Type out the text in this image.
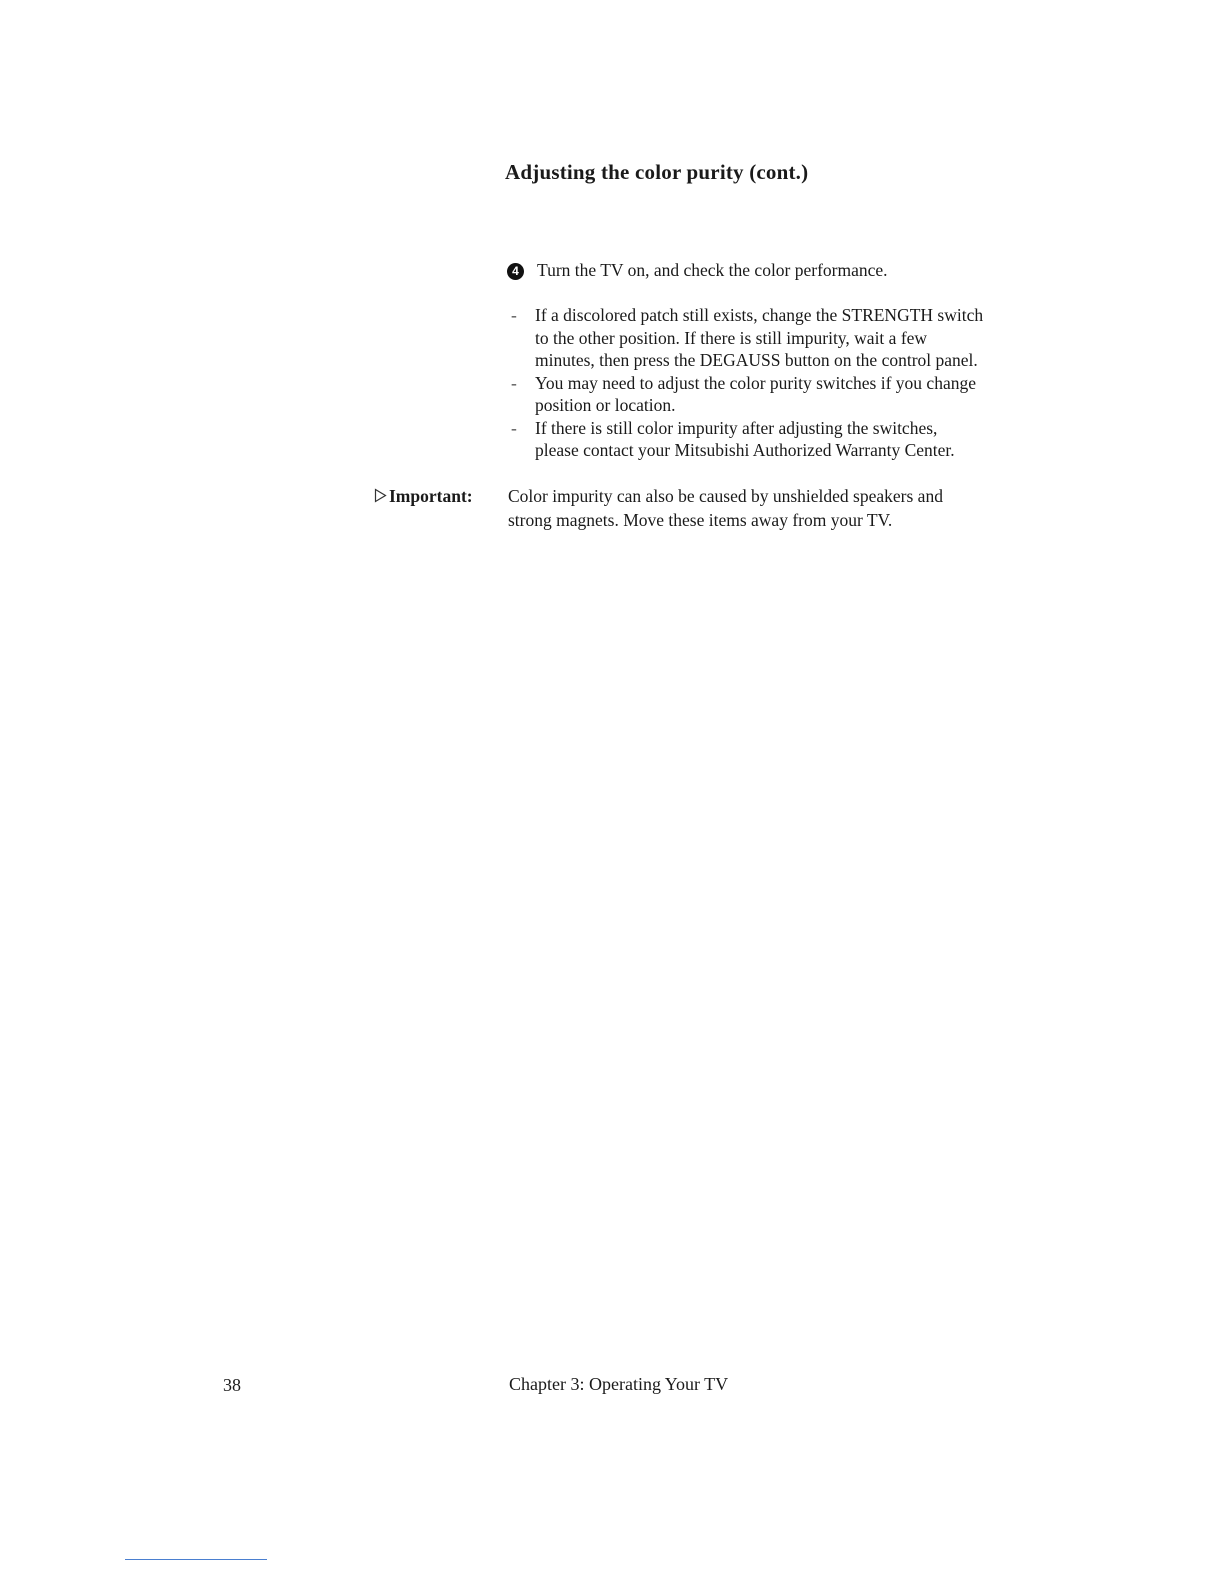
Adjusting the color purity (cont.)
4 Turn the TV on, and check the color performance.
- If a discolored patch still exists, change the STRENGTH switch
to the other position. If there is still impurity, wait a few
minutes, then press the DEGAUSS button on the control panel.
- You may need to adjust the color purity switches if you change
position or location.
- If there is still color impurity after adjusting the switches,
please contact your Mitsubishi Authorized Warranty Center.
Important: Color impurity can also be caused by unshielded speakers and
strong magnets. Move these items away from your TV.
38	Chapter 3: Operating Your TV
